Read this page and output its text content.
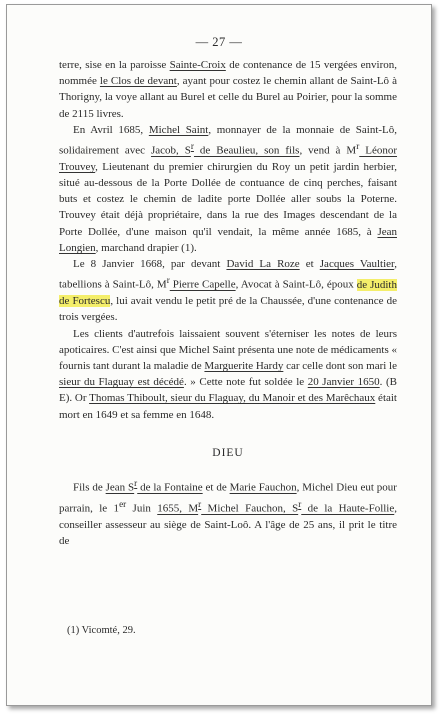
— 27 —

terre, sise en la paroisse Sainte-Croix de contenance de 15 vergées environ, nommée le Clos de devant, ayant pour costez le chemin allant de Saint-Lô à Thorigny, la voye allant au Burel et celle du Burel au Poirier, pour la somme de 2115 livres.

En Avril 1685, Michel Saint, monnayer de la monnaie de Saint-Lô, solidairement avec Jacob, $S^r$ de Beaulieu, son fils, vend à $M^r$ Léonor Trouvey, Lieutenant du premier chirurgien du Roy un petit jardin herbier, situé au-dessous de la Porte Dollée de contuance de cinq perches, faisant buts et costez le chemin de ladite porte Dollée aller soubs la Poterne. Trouvey était déjà propriétaire, dans la rue des Images descendant de la Porte Dollée, d'une maison qu'il vendait, la même année 1685, à Jean Longien, marchand drapier (1).

Le 8 Janvier 1668, par devant David La Roze et Jacques Vaultier, tabellions à Saint-Lô, $M^r$ Pierre Capelle, Avocat à Saint-Lô, époux de Judith de Fortescu, lui avait vendu le petit pré de la Chaussée, d'une contenance de trois vergées.

Les clients d'autrefois laissaient souvent s'éterniser les notes de leurs apoticaires. C'est ainsi que Michel Saint présenta une note de médicaments « fournis tant durant la maladie de Marguerite Hardy car celle dont son mari le sieur du Flaguay est décédé. » Cette note fut soldée le 20 Janvier 1650. (B E). Or Thomas Thiboult, sieur du Flaguay, du Manoir et des Marêchaux était mort en 1649 et sa femme en 1648.

DIEU

Fils de Jean $S^r$ de la Fontaine et de Marie Fauchon, Michel Dieu eut pour parrain, le 1er Juin 1655, $M^r$ Michel Fauchon, $S^r$ de la Haute-Follie, conseiller assesseur au siège de Saint-Loô. A l'âge de 25 ans, il prit le titre de

(1) Vicomté, 29.
